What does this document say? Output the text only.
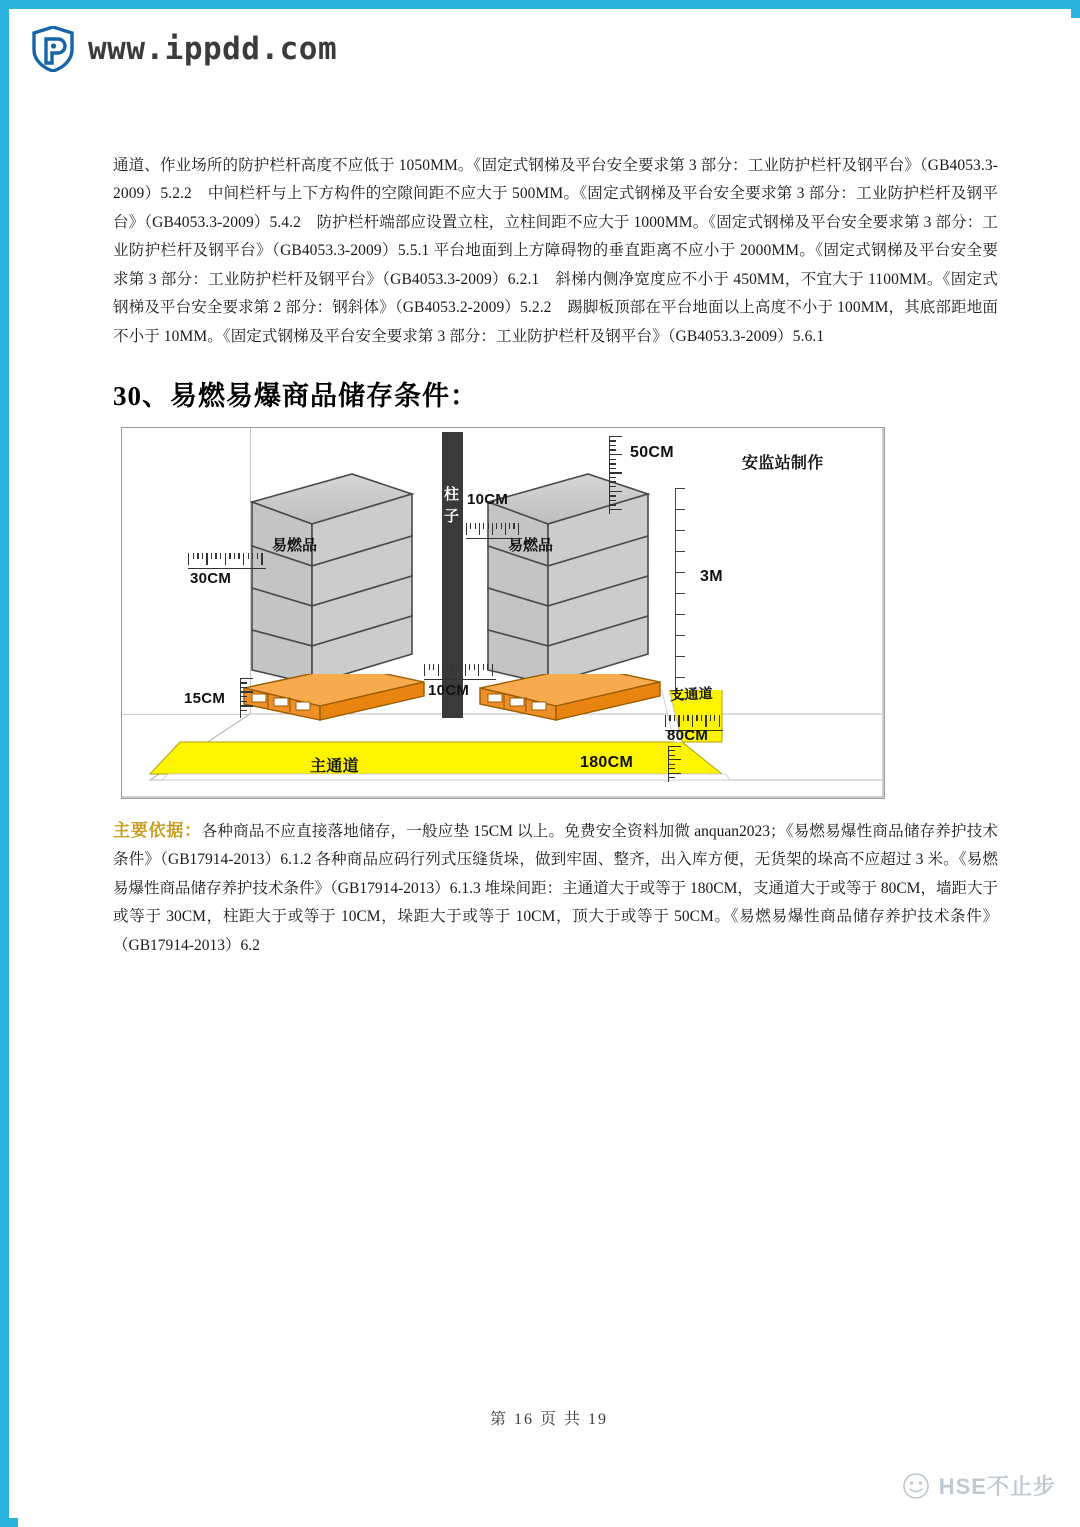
www.ippdd.com

通道、作业场所的防护栏杆高度不应低于 1050MM。《固定式钢梯及平台安全要求第 3 部分：工业防护栏杆及钢平台》（GB4053.3-2009）5.2.2　中间栏杆与上下方构件的空隙间距不应大于 500MM。《固定式钢梯及平台安全要求第 3 部分：工业防护栏杆及钢平台》（GB4053.3-2009）5.4.2　防护栏杆端部应设置立柱，立柱间距不应大于 1000MM。《固定式钢梯及平台安全要求第 3 部分：工业防护栏杆及钢平台》（GB4053.3-2009）5.5.1 平台地面到上方障碍物的垂直距离不应小于 2000MM。《固定式钢梯及平台安全要求第 3 部分：工业防护栏杆及钢平台》（GB4053.3-2009）6.2.1　斜梯内侧净宽度应不小于 450MM，不宜大于 1100MM。《固定式钢梯及平台安全要求第 2 部分：钢斜体》（GB4053.2-2009）5.2.2　踢脚板顶部在平台地面以上高度不小于 100MM，其底部距地面不小于 10MM。《固定式钢梯及平台安全要求第 3 部分：工业防护栏杆及钢平台》（GB4053.3-2009）5.6.1

30、易燃易爆商品储存条件：
柱
子
易燃品	易燃品
30CM
10CM
50CM
3M
15CM	10CM	支通道
80CM
主通道	180CM
安监站制作

主要依据：各种商品不应直接落地储存，一般应垫 15CM 以上。免费安全资料加微 anquan2023；《易燃易爆性商品储存养护技术条件》（GB17914-2013）6.1.2 各种商品应码行列式压缝货垛，做到牢固、整齐，出入库方便，无货架的垛高不应超过 3 米。《易燃易爆性商品储存养护技术条件》（GB17914-2013）6.1.3 堆垛间距：主通道大于或等于 180CM，支通道大于或等于 80CM，墙距大于或等于 30CM，柱距大于或等于 10CM，垛距大于或等于 10CM，顶大于或等于 50CM。《易燃易爆性商品储存养护技术条件》（GB17914-2013）6.2

第 16 页 共 19
HSE不止步
